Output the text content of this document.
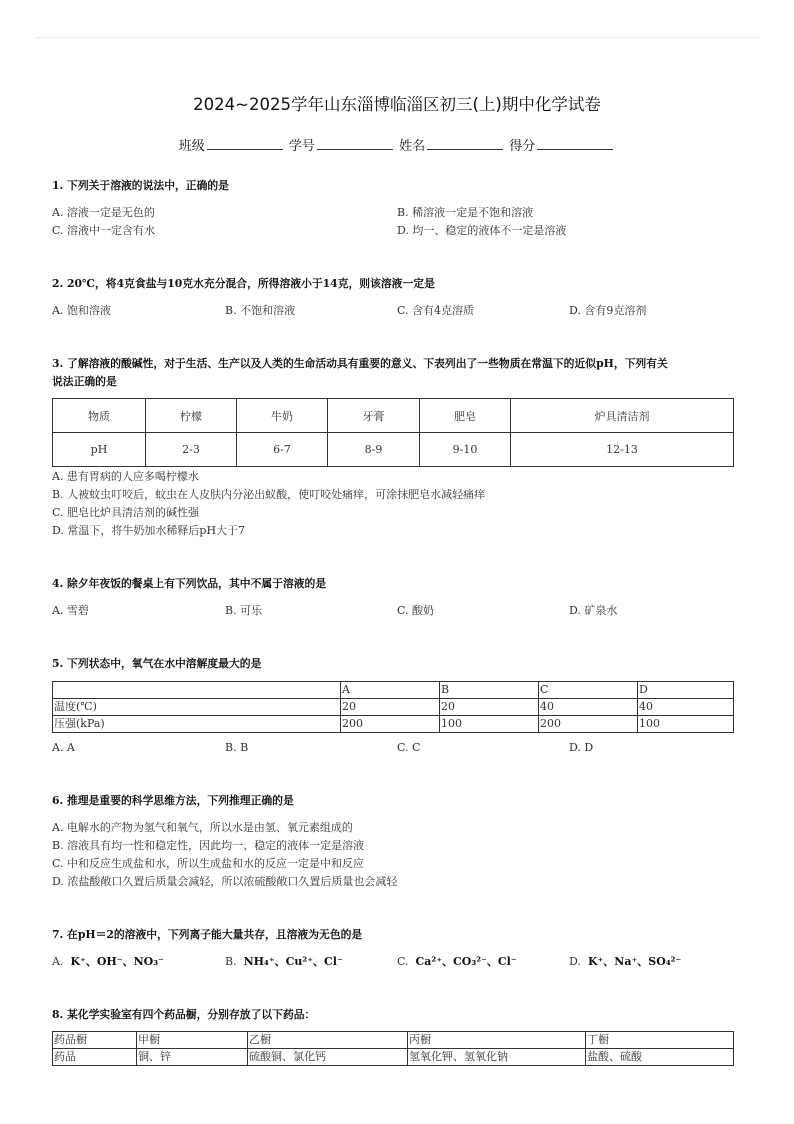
2024~2025学年山东淄博临淄区初三(上)期中化学试卷
班级	学号	姓名	得分
1. 下列关于溶液的说法中，正确的是
A. 溶液一定是无色的	B. 稀溶液一定是不饱和溶液
C. 溶液中一定含有水	D. 均一、稳定的液体不一定是溶液
2. 20℃，将4克食盐与10克水充分混合，所得溶液小于14克，则该溶液一定是
A. 饱和溶液	B. 不饱和溶液	C. 含有4克溶质	D. 含有9克溶剂
3. 了解溶液的酸碱性，对于生活、生产以及人类的生命活动具有重要的意义、下表列出了一些物质在常温下的近似pH，下列有关
说法正确的是
物质	柠檬	牛奶	牙膏	肥皂	炉具清洁剂
pH	2-3	6-7	8-9	9-10	12-13
A. 患有胃病的人应多喝柠檬水
B. 人被蚊虫叮咬后，蚊虫在人皮肤内分泌出蚁酸，使叮咬处痛痒，可涂抹肥皂水减轻痛痒
C. 肥皂比炉具清洁剂的碱性强
D. 常温下，将牛奶加水稀释后pH大于7
4. 除夕年夜饭的餐桌上有下列饮品，其中不属于溶液的是
A. 雪碧	B. 可乐	C. 酸奶	D. 矿泉水
5. 下列状态中，氧气在水中溶解度最大的是
	A	B	C	D
温度(℃)	20	20	40	40
压强(kPa)	200	100	200	100
A. A	B. B	C. C	D. D
6. 推理是重要的科学思维方法，下列推理正确的是
A. 电解水的产物为氢气和氧气，所以水是由氢、氧元素组成的
B. 溶液具有均一性和稳定性，因此均一、稳定的液体一定是溶液
C. 中和反应生成盐和水，所以生成盐和水的反应一定是中和反应
D. 浓盐酸敞口久置后质量会减轻，所以浓硫酸敞口久置后质量也会减轻
7. 在pH＝2的溶液中，下列离子能大量共存，且溶液为无色的是
A. K⁺、OH⁻、NO₃⁻	B. NH₄⁺、Cu²⁺、Cl⁻	C. Ca²⁺、CO₃²⁻、Cl⁻	D. K⁺、Na⁺、SO₄²⁻
8. 某化学实验室有四个药品橱，分别存放了以下药品：
药品橱	甲橱	乙橱	丙橱	丁橱
药品	铜、锌	硫酸铜、氯化钙	氢氧化钾、氢氧化钠	盐酸、硫酸
